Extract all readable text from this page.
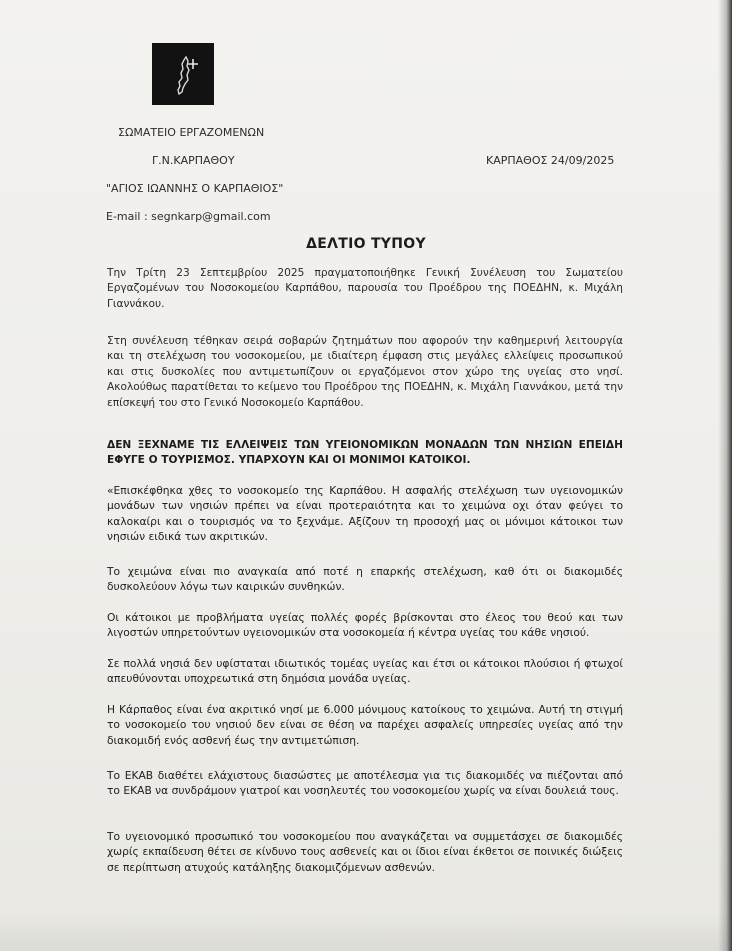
ΣΩΜΑΤΕΙΟ ΕΡΓΑΖΟΜΕΝΩΝ
Γ.Ν.ΚΑΡΠΑΘΟΥ	ΚΑΡΠΑΘΟΣ 24/09/2025
"ΑΓΙΟΣ ΙΩΑΝΝΗΣ Ο ΚΑΡΠΑΘΙΟΣ"
E-mail : segnkarp@gmail.com
ΔΕΛΤΙΟ ΤΥΠΟΥ

Την Τρίτη 23 Σεπτεμβρίου 2025 πραγματοποιήθηκε Γενική Συνέλευση του Σωματείου Εργαζομένων του Νοσοκομείου Καρπάθου, παρουσία του Προέδρου της ΠΟΕΔΗΝ, κ. Μιχάλη Γιαννάκου.

Στη συνέλευση τέθηκαν σειρά σοβαρών ζητημάτων που αφορούν την καθημερινή λειτουργία και τη στελέχωση του νοσοκομείου, με ιδιαίτερη έμφαση στις μεγάλες ελλείψεις προσωπικού και στις δυσκολίες που αντιμετωπίζουν οι εργαζόμενοι στον χώρο της υγείας στο νησί. Ακολούθως παρατίθεται το κείμενο του Προέδρου της ΠΟΕΔΗΝ, κ. Μιχάλη Γιαννάκου, μετά την επίσκεψή του στο Γενικό Νοσοκομείο Καρπάθου.

ΔΕΝ ΞΕΧΝΑΜΕ ΤΙΣ ΕΛΛΕΙΨΕΙΣ ΤΩΝ ΥΓΕΙΟΝΟΜΙΚΩΝ ΜΟΝΑΔΩΝ ΤΩΝ ΝΗΣΙΩΝ ΕΠΕΙΔΗ ΕΦΥΓΕ Ο ΤΟΥΡΙΣΜΟΣ. ΥΠΑΡΧΟΥΝ ΚΑΙ ΟΙ ΜΟΝΙΜΟΙ ΚΑΤΟΙΚΟΙ.

«Επισκέφθηκα χθες το νοσοκομείο της Καρπάθου. Η ασφαλής στελέχωση των υγειονομικών μονάδων των νησιών πρέπει να είναι προτεραιότητα και το χειμώνα οχι όταν φεύγει το καλοκαίρι και ο τουρισμός να το ξεχνάμε. Αξίζουν τη προσοχή μας οι μόνιμοι κάτοικοι των νησιών ειδικά των ακριτικών.

Το χειμώνα είναι πιο αναγκαία από ποτέ η επαρκής στελέχωση, καθ ότι οι διακομιδές δυσκολεύουν λόγω των καιρικών συνθηκών.

Οι κάτοικοι με προβλήματα υγείας πολλές φορές βρίσκονται στο έλεος του θεού και των λιγοστών υπηρετούντων υγειονομικών στα νοσοκομεία ή κέντρα υγείας του κάθε νησιού.

Σε πολλά νησιά δεν υφίσταται ιδιωτικός τομέας υγείας και έτσι οι κάτοικοι πλούσιοι ή φτωχοί απευθύνονται υποχρεωτικά στη δημόσια μονάδα υγείας.

Η Κάρπαθος είναι ένα ακριτικό νησί με 6.000 μόνιμους κατοίκους το χειμώνα. Αυτή τη στιγμή το νοσοκομείο του νησιού δεν είναι σε θέση να παρέχει ασφαλείς υπηρεσίες υγείας από την διακομιδή ενός ασθενή έως την αντιμετώπιση.

Το ΕΚΑΒ διαθέτει ελάχιστους διασώστες με αποτέλεσμα για τις διακομιδές να πιέζονται από το ΕΚΑΒ να συνδράμουν γιατροί και νοσηλευτές του νοσοκομείου χωρίς να είναι δουλειά τους.

Το υγειονομικό προσωπικό του νοσοκομείου που αναγκάζεται να συμμετάσχει σε διακομιδές χωρίς εκπαίδευση θέτει σε κίνδυνο τους ασθενείς και οι ίδιοι είναι έκθετοι σε ποινικές διώξεις σε περίπτωση ατυχούς κατάληξης διακομιζόμενων ασθενών.
